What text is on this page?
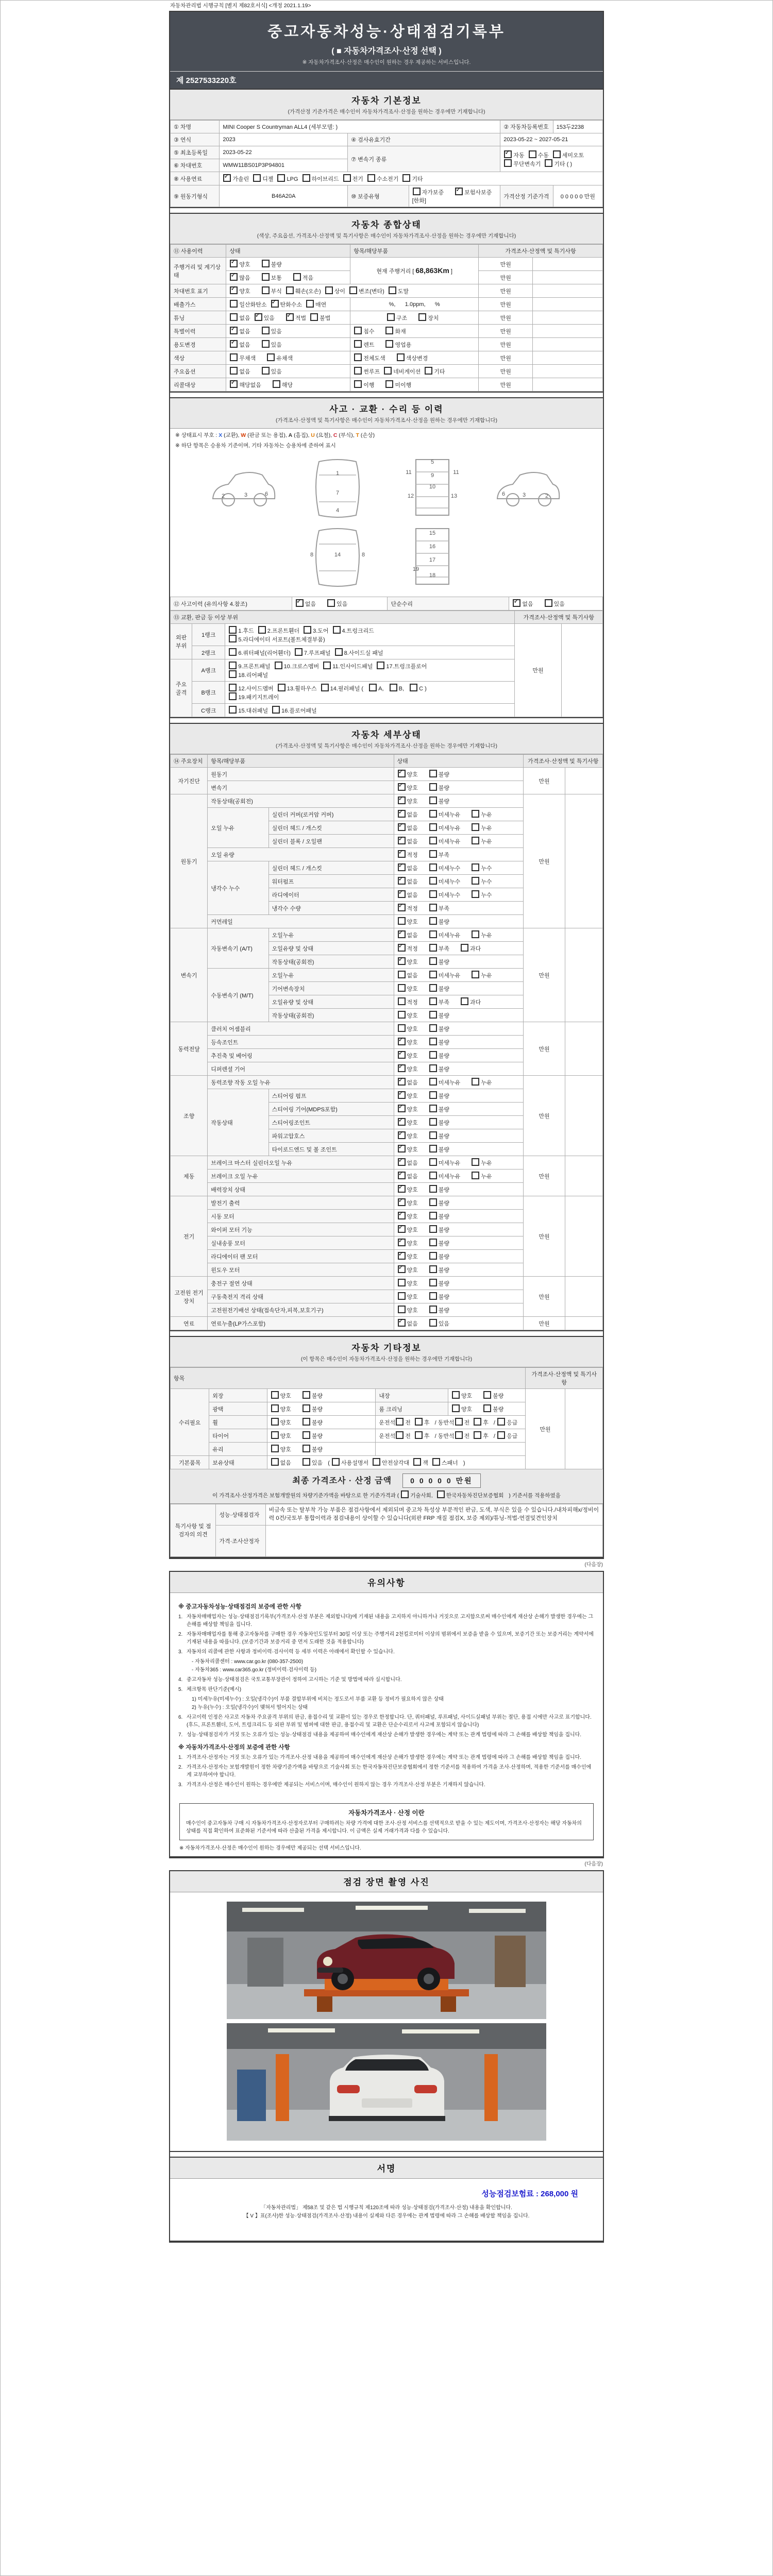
자동차관리법 시행규칙 [별지 제82호서식] <개정 2021.1.19>
중고자동차성능·상태점검기록부
( ■ 자동차가격조사·산정 선택 )
※ 자동차가격조사·산정은 매수인이 원하는 경우 제공하는 서비스입니다.
제 2527533220호
자동차 기본정보
(가격산정 기준가격은 매수인이 자동차가격조사·산정을 원하는 경우에만 기재합니다)
① 차명	MINI Cooper S Countryman ALL4 (세부모델: )			② 자동차등록번호	153두2238
③ 연식	2023	④ 검사유효기간		2023-05-22 ~ 2027-05-21	
⑤ 최초등록일	2023-05-22	⑦ 변속기 종류	✓자동 수동 세미오토
무단변속기 기타 ( )
⑥ 차대번호	WMW11BS01P3P94801				
⑧ 사용연료	✓가솔린 디젤 LPG 하이브리드 전기 수소전기 기타
⑨ 원동기형식	B46A20A	⑩ 보증유형	자가보증 ✓ 보험사보증 [한화]	가격산정 기준가격	0 0 0 0 0 만원
자동차 종합상태
(색상, 주요옵션, 가격조사·산정액 및 특기사항은 매수인이 자동차가격조사·산정을 원하는 경우에만 기재합니다)
⑪ 사용이력	상태	항목/해당부품	가격조사·산정액 및 특기사항	
주행거리 및 계기상태	✓양호 불량	현재 주행거리 [ 68,863Km ]	만원	
✓많음 보통 적음		만원	
차대번호 표기	✓양호 부식 훼손(오손) 상이 변조(변타) 도말		만원	
배출가스	일산화탄소 ✓ 탄화수소 매연	%,      1.0ppm,      %	만원	
튜닝	없음 ✓ 있음 ✓ 적법 불법	구조 장치	만원	
특별이력	✓없음 있음	침수 화재	만원	
용도변경	✓없음 있음	렌트 영업용	만원	
색상	무채색 유채색	전체도색 색상변경	만원	
주요옵션	없음 있음	썬루프 네비게이션 기타	만원	
리콜대상	✓해당없음 해당	이행 미이행	만원	
사고 · 교환 · 수리 등 이력
(가격조사·산정액 및 특기사항은 매수인이 자동차가격조사·산정을 원하는 경우에만 기재합니다)
※ 상태표시 부호 : X (교환), W (판금 또는 용접), A (흠집), U (요철), C (부식), T (손상)
※ 하단 항목은 승용차 기준이며, 기타 자동차는 승용차에 준하여 표시
2	3	6
1
7
4
11	11
5
9
10
12	13	2
3
6
8	8
14
15
16
17
18
19
⑫ 사고이력 (유의사항 4.참조)	✓없음	있음	단순수리	✓없음	있음
⑬ 교환, 판금 등 이상 부위			가격조사·산정액 및 특기사항	
외판부위	1랭크	1.후드 2.프론트휀더 3.도어 4.트렁크리드
5.라디에이터 서포트(볼트체결부품)	만원	
	2랭크	6.쿼터패널(리어휀더) 7.루프패널 8.사이드실 패널		
주요골격	A랭크	9.프론트패널 10.크로스멤버 11.인사이드패널 17.트렁크플로어
18.리어패널		
	B랭크	12.사이드멤버 13.휠하우스 14.필러패널 ( A, B, C )
19.패키지트레이		
	C랭크	15.대쉬패널 16.플로어패널		
자동차 세부상태
(가격조사·산정액 및 특기사항은 매수인이 자동차가격조사·산정을 원하는 경우에만 기재합니다)
⑭ 주요장치	항목/해당부품		상태	가격조사·산정액 및 특기사항	
자기진단	원동기	✓양호 불량	만원	
	변속기	✓양호 불량
원동기	작동상태(공회전)	✓양호 불량	만원	
	오일 누유	실린더 커버(로커암 커버)	✓없음 미세누유 누유
		실린더 헤드 / 개스킷	✓없음 미세누유 누유
		실린더 블록 / 오일팬	✓없음 미세누유 누유
	오일 유량	✓적정 부족
	냉각수 누수	실린더 헤드 / 개스킷	✓없음 미세누수 누수
		워터펌프	✓없음 미세누수 누수
		라디에이터	✓없음 미세누수 누수
		냉각수 수량	✓적정 부족
	커먼레일		양호 불량		
변속기	자동변속기 (A/T)	오일누유	✓없음 미세누유 누유	만원	
		오일유량 및 상태	✓적정 부족 과다
		작동상태(공회전)	✓양호 불량
	수동변속기 (M/T)	오일누유	없음 미세누유 누유		
		기어변속장치	양호 불량		
		오일유량 및 상태	적정 부족 과다		
		작동상태(공회전)	양호 불량		
동력전달	클러치 어셈블리		양호 불량	만원	
	등속조인트	✓양호 불량
	추진축 및 베어링	✓양호 불량
	디퍼렌셜 기어	✓양호 불량
조향	동력조향 작동 오일 누유	✓없음 미세누유 누유	만원	
	작동상태	스티어링 펌프	✓양호 불량
		스티어링 기어(MDPS포함)	✓양호 불량
		스티어링조인트	✓양호 불량
		파워고압호스	✓양호 불량
		타이로드엔드 및 볼 조인트	✓양호 불량
제동	브레이크 마스터 실린더오일 누유	✓없음 미세누유 누유	만원	
	브레이크 오일 누유	✓없음 미세누유 누유
	배력장치 상태	✓양호 불량
전기	발전기 출력	✓양호 불량	만원	
	시동 모터	✓양호 불량
	와이퍼 모터 기능	✓양호 불량
	실내송풍 모터	✓양호 불량
	라디에이터 팬 모터	✓양호 불량
	윈도우 모터	✓양호 불량
고전원 전기장치	충전구 절연 상태		양호 불량	만원	
	구동축전지 격리 상태		양호 불량		
	고전원전기배선 상태(접속단자,피복,보호기구)		양호 불량		
연료	연료누출(LP가스포함)	✓없음 있음	만원	
자동차 기타정보
(이 항목은 매수인이 자동차가격조사·산정을 원하는 경우에만 기재합니다)
항목					가격조사·산정액 및 특기사항	
수리필요	외장	양호 불량	내장	양호 불량	만원	
	광택	양호 불량	룸 크리닝	양호 불량		
	휠	양호 불량	운전석 전 후 / 동반석 전 후 / 응급			
	타이어	양호 불량	운전석 전 후 / 동반석 전 후 / 응급			
	유리	양호 불량				
기본품목	보유상태	없음 있음 ( 사용설명서 안전삼각대 잭 스패너 )				
최종 가격조사 · 산정 금액	0 0 0 0 0 만원
이 가격조사·산정가격은 보험개발원의 차량기준가액을 바탕으로 한 기준가격과 ( 기술사회, 한국자동차진단보증협회 ) 기준서를 적용하였음
특기사항 및 점검자의 의견	성능·상태점검자	비금속 또는 탈부착 가능 부품은 점검사항에서 제외되며 중고차 특성상 부분적인 판금, 도색, 부식은 있을 수 있습니다./내차피해x/정비이력 0건/국토부 통합이력과 점검내용이 상이할 수 있습니다(외판 FRP 재질 점검X, 보증 제외)/튜닝-적법-연결및견인장치
	가격·조사산정자	
(다음장)
유의사항
※ 중고자동차성능·상태점검의 보증에 관한 사항
1. 자동차매매업자는 성능·상태점검기록부(가격조사·산정 부분은 제외합니다)에 기재된 내용을 고지하지 아니하거나 거짓으로 고지함으로써 매수인에게 재산상 손해가 발생한 경우에는 그 손해를 배상할 책임을 집니다.
2. 자동차매매업자를 통해 중고자동차를 구매한 경우 자동차인도일부터 30일 이상 또는 주행거리 2천킬로미터 이상의 범위에서 보증을 받을 수 있으며, 보증기간 또는 보증거리는 계약서에 기재된 내용을 따릅니다. (보증기간과 보증거리 중 먼저 도래한 것을 적용합니다)
3. 자동차의 리콜에 관한 사항과 정비이력·검사이력 등 세부 이력은 아래에서 확인할 수 있습니다.
- 자동차리콜센터 : www.car.go.kr (080-357-2500)
- 자동차365 : www.car365.go.kr (정비이력·검사이력 등)
4. 중고자동차 성능·상태점검은 국토교통부장관이 정하여 고시하는 기준 및 방법에 따라 실시합니다.
5. 체크항목 판단기준(예시)
1) 미세누유(미세누수) : 오일(냉각수)이 부품 결합부위에 비치는 정도로서 부품 교환 등 정비가 필요하지 않은 상태
2) 누유(누수) : 오일(냉각수)이 맺혀서 떨어지는 상태
6. 사고이력 인정은 사고로 자동차 주요골격 부위의 판금, 용접수리 및 교환이 있는 경우로 한정합니다. 단, 쿼터패널, 루프패널, 사이드실패널 부위는 절단, 용접 시에만 사고로 표기합니다. (후드, 프론트휀더, 도어, 트렁크리드 등 외판 부위 및 범퍼에 대한 판금, 용접수리 및 교환은 단순수리로서 사고에 포함되지 않습니다)
7. 성능·상태점검자가 거짓 또는 오류가 있는 성능·상태점검 내용을 제공하여 매수인에게 재산상 손해가 발생한 경우에는 계약 또는 관계 법령에 따라 그 손해를 배상할 책임을 집니다.
※ 자동차가격조사·산정의 보증에 관한 사항
1. 가격조사·산정자는 거짓 또는 오류가 있는 가격조사·산정 내용을 제공하여 매수인에게 재산상 손해가 발생한 경우에는 계약 또는 관계 법령에 따라 그 손해를 배상할 책임을 집니다.
2. 가격조사·산정자는 보험개발원이 정한 차량기준가액을 바탕으로 기술사회 또는 한국자동차진단보증협회에서 정한 기준서를 적용하여 가격을 조사·산정하며, 적용한 기준서를 매수인에게 교부하여야 합니다.
3. 가격조사·산정은 매수인이 원하는 경우에만 제공되는 서비스이며, 매수인이 원하지 않는 경우 가격조사·산정 부분은 기재하지 않습니다.
자동차가격조사 · 산정 이란
매수인이 중고자동차 구매 시 자동차가격조사·산정자로부터 구매하려는 차량 가격에 대한 조사·산정 서비스를 선택적으로 받을 수 있는 제도이며, 가격조사·산정자는 해당 자동차의 상태를 직접 확인하여 표준화된 기준서에 따라 산출된 가격을 제시합니다. 이 금액은 실제 거래가격과 다를 수 있습니다.
※ 자동차가격조사·산정은 매수인이 원하는 경우에만 제공되는 선택 서비스입니다.
(다음장)
점검 장면 촬영 사진
서명
성능점검보험료 : 268,000 원
「자동차관리법」 제58조 및 같은 법 시행규칙 제120조에 따라 성능·상태점검(가격조사·산정) 내용을 확인합니다.
【 V 】표(조사)한 성능·상태점검(가격조사·산정) 내용이 실제와 다른 경우에는 관계 법령에 따라 그 손해를 배상할 책임을 집니다.
